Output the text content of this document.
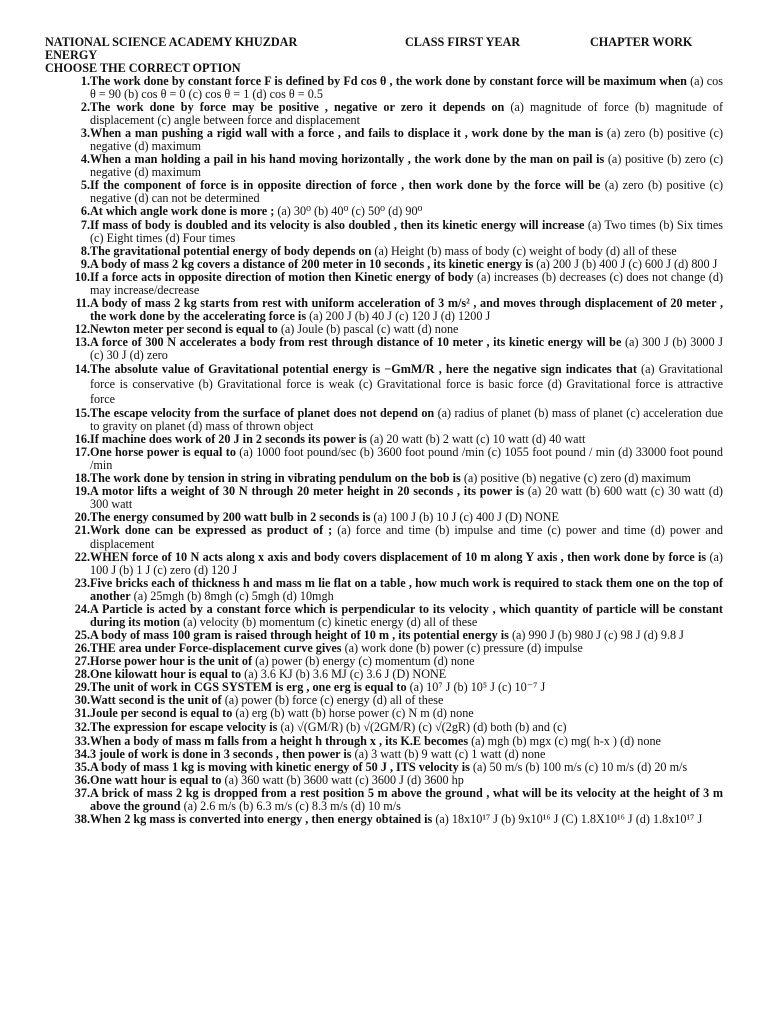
NATIONAL SCIENCE ACADEMY KHUZDAR	CLASS FIRST YEAR	CHAPTER WORK
ENERGY
CHOOSE THE CORRECT OPTION
1. The work done by constant force F is defined by Fd cos θ , the work done by constant force will be maximum when (a) cos θ = 90 (b) cos θ = 0 (c) cos θ = 1 (d) cos θ = 0.5
2. The work done by force may be positive , negative or zero it depends on (a) magnitude of force (b) magnitude of displacement (c) angle between force and displacement
3. When a man pushing a rigid wall with a force , and fails to displace it , work done by the man is (a) zero (b) positive (c) negative (d) maximum
4. When a man holding a pail in his hand moving horizontally , the work done by the man on pail is (a) positive (b) zero (c) negative (d) maximum
5. If the component of force is in opposite direction of force , then work done by the force will be (a) zero (b) positive (c) negative (d) can not be determined
6. At which angle work done is more ; (a) 30⁰ (b) 40⁰ (c) 50⁰ (d) 90⁰
7. If mass of body is doubled and its velocity is also doubled , then its kinetic energy will increase (a) Two times (b) Six times (c) Eight times (d) Four times
8. The gravitational potential energy of body depends on (a) Height (b) mass of body (c) weight of body (d) all of these
9. A body of mass 2 kg covers a distance of 200 meter in 10 seconds , its kinetic energy is (a) 200 J (b) 400 J (c) 600 J (d) 800 J
10. If a force acts in opposite direction of motion then Kinetic energy of body (a) increases (b) decreases (c) does not change (d) may increase/decrease
11. A body of mass 2 kg starts from rest with uniform acceleration of 3 m/s² , and moves through displacement of 20 meter , the work done by the accelerating force is (a) 200 J (b) 40 J (c) 120 J (d) 1200 J
12. Newton meter per second is equal to (a) Joule (b) pascal (c) watt (d) none
13. A force of 300 N accelerates a body from rest through distance of 10 meter , its kinetic energy will be (a) 300 J (b) 3000 J (c) 30 J (d) zero
14. The absolute value of Gravitational potential energy is −GmM/R , here the negative sign indicates that (a) Gravitational force is conservative (b) Gravitational force is weak (c) Gravitational force is basic force (d) Gravitational force is attractive force
15. The escape velocity from the surface of planet does not depend on (a) radius of planet (b) mass of planet (c) acceleration due to gravity on planet (d) mass of thrown object
16. If machine does work of 20 J in 2 seconds its power is (a) 20 watt (b) 2 watt (c) 10 watt (d) 40 watt
17. One horse power is equal to (a) 1000 foot pound/sec (b) 3600 foot pound /min (c) 1055 foot pound / min (d) 33000 foot pound /min
18. The work done by tension in string in vibrating pendulum on the bob is (a) positive (b) negative (c) zero (d) maximum
19. A motor lifts a weight of 30 N through 20 meter height in 20 seconds , its power is (a) 20 watt (b) 600 watt (c) 30 watt (d) 300 watt
20. The energy consumed by 200 watt bulb in 2 seconds is (a) 100 J (b) 10 J (c) 400 J (D) NONE
21. Work done can be expressed as product of ; (a) force and time (b) impulse and time (c) power and time (d) power and displacement
22. WHEN force of 10 N acts along x axis and body covers displacement of 10 m along Y axis , then work done by force is (a) 100 J (b) 1 J (c) zero (d) 120 J
23. Five bricks each of thickness h and mass m lie flat on a table , how much work is required to stack them one on the top of another (a) 25mgh (b) 8mgh (c) 5mgh (d) 10mgh
24. A Particle is acted by a constant force which is perpendicular to its velocity , which quantity of particle will be constant during its motion (a) velocity (b) momentum (c) kinetic energy (d) all of these
25. A body of mass 100 gram is raised through height of 10 m , its potential energy is (a) 990 J (b) 980 J (c) 98 J (d) 9.8 J
26. THE area under Force-displacement curve gives (a) work done (b) power (c) pressure (d) impulse
27. Horse power hour is the unit of (a) power (b) energy (c) momentum (d) none
28. One kilowatt hour is equal to (a) 3.6 KJ (b) 3.6 MJ (c) 3.6 J (D) NONE
29. The unit of work in CGS SYSTEM is erg , one erg is equal to (a) 10⁷ J (b) 10⁵ J (c) 10⁻⁷ J
30. Watt second is the unit of (a) power (b) force (c) energy (d) all of these
31. Joule per second is equal to (a) erg (b) watt (b) horse power (c) N m (d) none
32. The expression for escape velocity is (a) √(GM/R) (b) √(2GM/R) (c) √(2gR) (d) both (b) and (c)
33. When a body of mass m falls from a height h through x , its K.E becomes (a) mgh (b) mgx (c) mg( h-x ) (d) none
34. 3 joule of work is done in 3 seconds , then power is (a) 3 watt (b) 9 watt (c) 1 watt (d) none
35. A body of mass 1 kg is moving with kinetic energy of 50 J , ITS velocity is (a) 50 m/s (b) 100 m/s (c) 10 m/s (d) 20 m/s
36. One watt hour is equal to (a) 360 watt (b) 3600 watt (c) 3600 J (d) 3600 hp
37. A brick of mass 2 kg is dropped from a rest position 5 m above the ground , what will be its velocity at the height of 3 m above the ground (a) 2.6 m/s (b) 6.3 m/s (c) 8.3 m/s (d) 10 m/s
38. When 2 kg mass is converted into energy , then energy obtained is (a) 18x10¹⁷ J (b) 9x10¹⁶ J (C) 1.8X10¹⁶ J (d) 1.8x10¹⁷ J
